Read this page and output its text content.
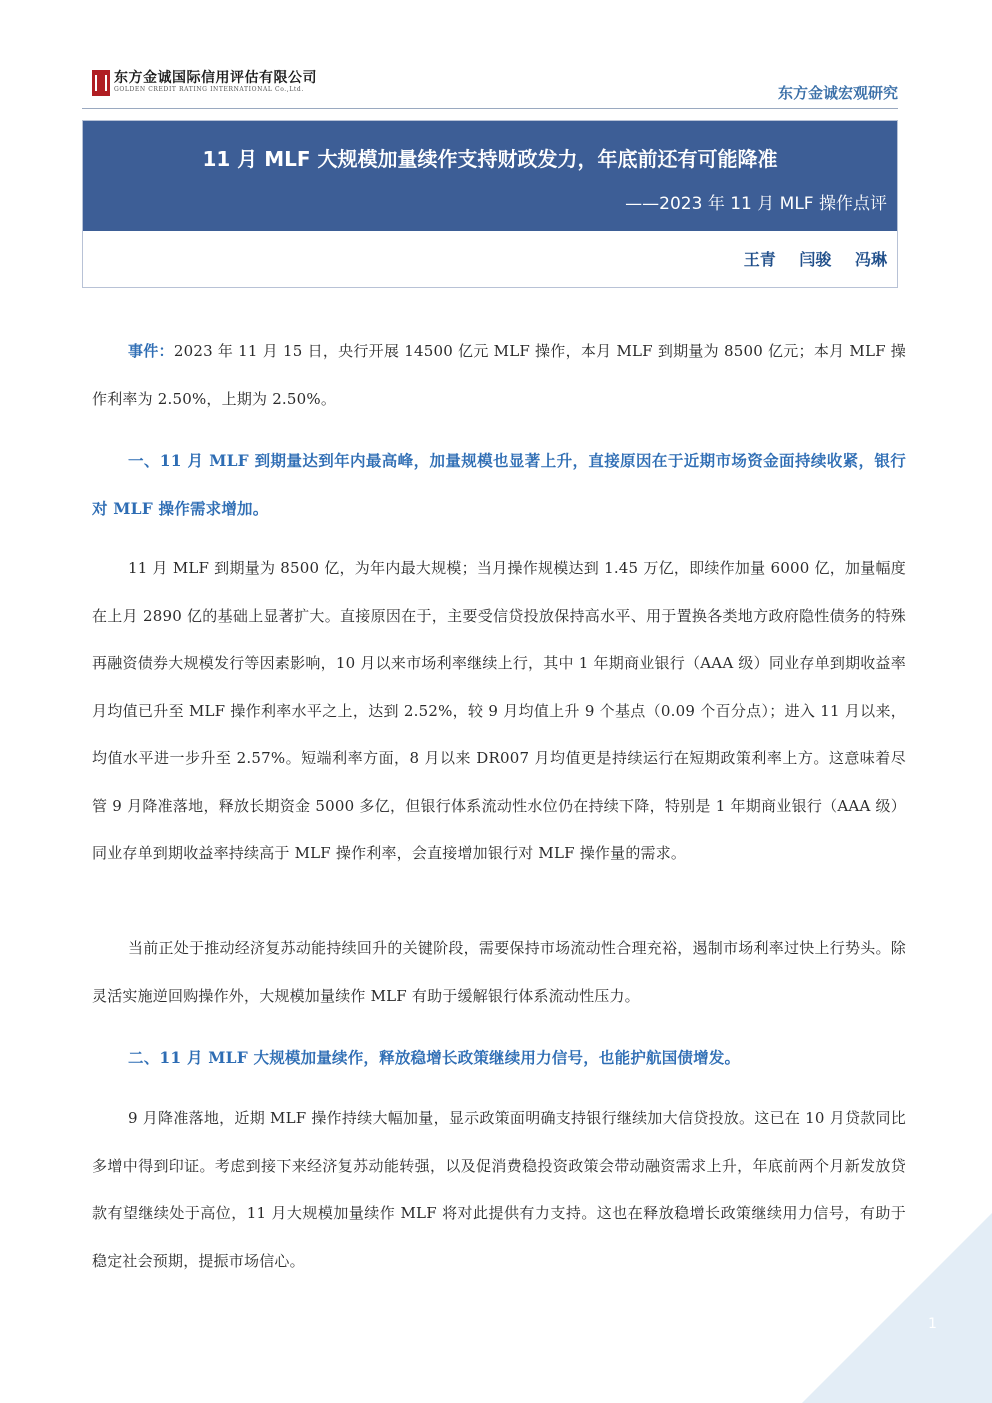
东方金诚国际信用评估有限公司
GOLDEN CREDIT RATING INTERNATIONAL Co.,Ltd.	东方金诚宏观研究
11 月 MLF 大规模加量续作支持财政发力，年底前还有可能降准
——2023 年 11 月 MLF 操作点评
王青 闫骏 冯琳

事件：2023 年 11 月 15 日，央行开展 14500 亿元 MLF 操作，本月 MLF 到期量为 8500 亿元；本月 MLF 操作利率为 2.50%，上期为 2.50%。

一、11 月 MLF 到期量达到年内最高峰，加量规模也显著上升，直接原因在于近期市场资金面持续收紧，银行对 MLF 操作需求增加。

11 月 MLF 到期量为 8500 亿，为年内最大规模；当月操作规模达到 1.45 万亿，即续作加量 6000 亿，加量幅度在上月 2890 亿的基础上显著扩大。直接原因在于，主要受信贷投放保持高水平、用于置换各类地方政府隐性债务的特殊再融资债券大规模发行等因素影响，10 月以来市场利率继续上行，其中 1 年期商业银行（AAA 级）同业存单到期收益率月均值已升至 MLF 操作利率水平之上，达到 2.52%，较 9 月均值上升 9 个基点（0.09 个百分点）；进入 11 月以来，均值水平进一步升至 2.57%。短端利率方面，8 月以来 DR007 月均值更是持续运行在短期政策利率上方。这意味着尽管 9 月降准落地，释放长期资金 5000 多亿，但银行体系流动性水位仍在持续下降，特别是 1 年期商业银行（AAA 级）同业存单到期收益率持续高于 MLF 操作利率，会直接增加银行对 MLF 操作量的需求。

当前正处于推动经济复苏动能持续回升的关键阶段，需要保持市场流动性合理充裕，遏制市场利率过快上行势头。除灵活实施逆回购操作外，大规模加量续作 MLF 有助于缓解银行体系流动性压力。

二、11 月 MLF 大规模加量续作，释放稳增长政策继续用力信号，也能护航国债增发。

9 月降准落地，近期 MLF 操作持续大幅加量，显示政策面明确支持银行继续加大信贷投放。这已在 10 月贷款同比多增中得到印证。考虑到接下来经济复苏动能转强，以及促消费稳投资政策会带动融资需求上升，年底前两个月新发放贷款有望继续处于高位，11 月大规模加量续作 MLF 将对此提供有力支持。这也在释放稳增长政策继续用力信号，有助于稳定社会预期，提振市场信心。

1
